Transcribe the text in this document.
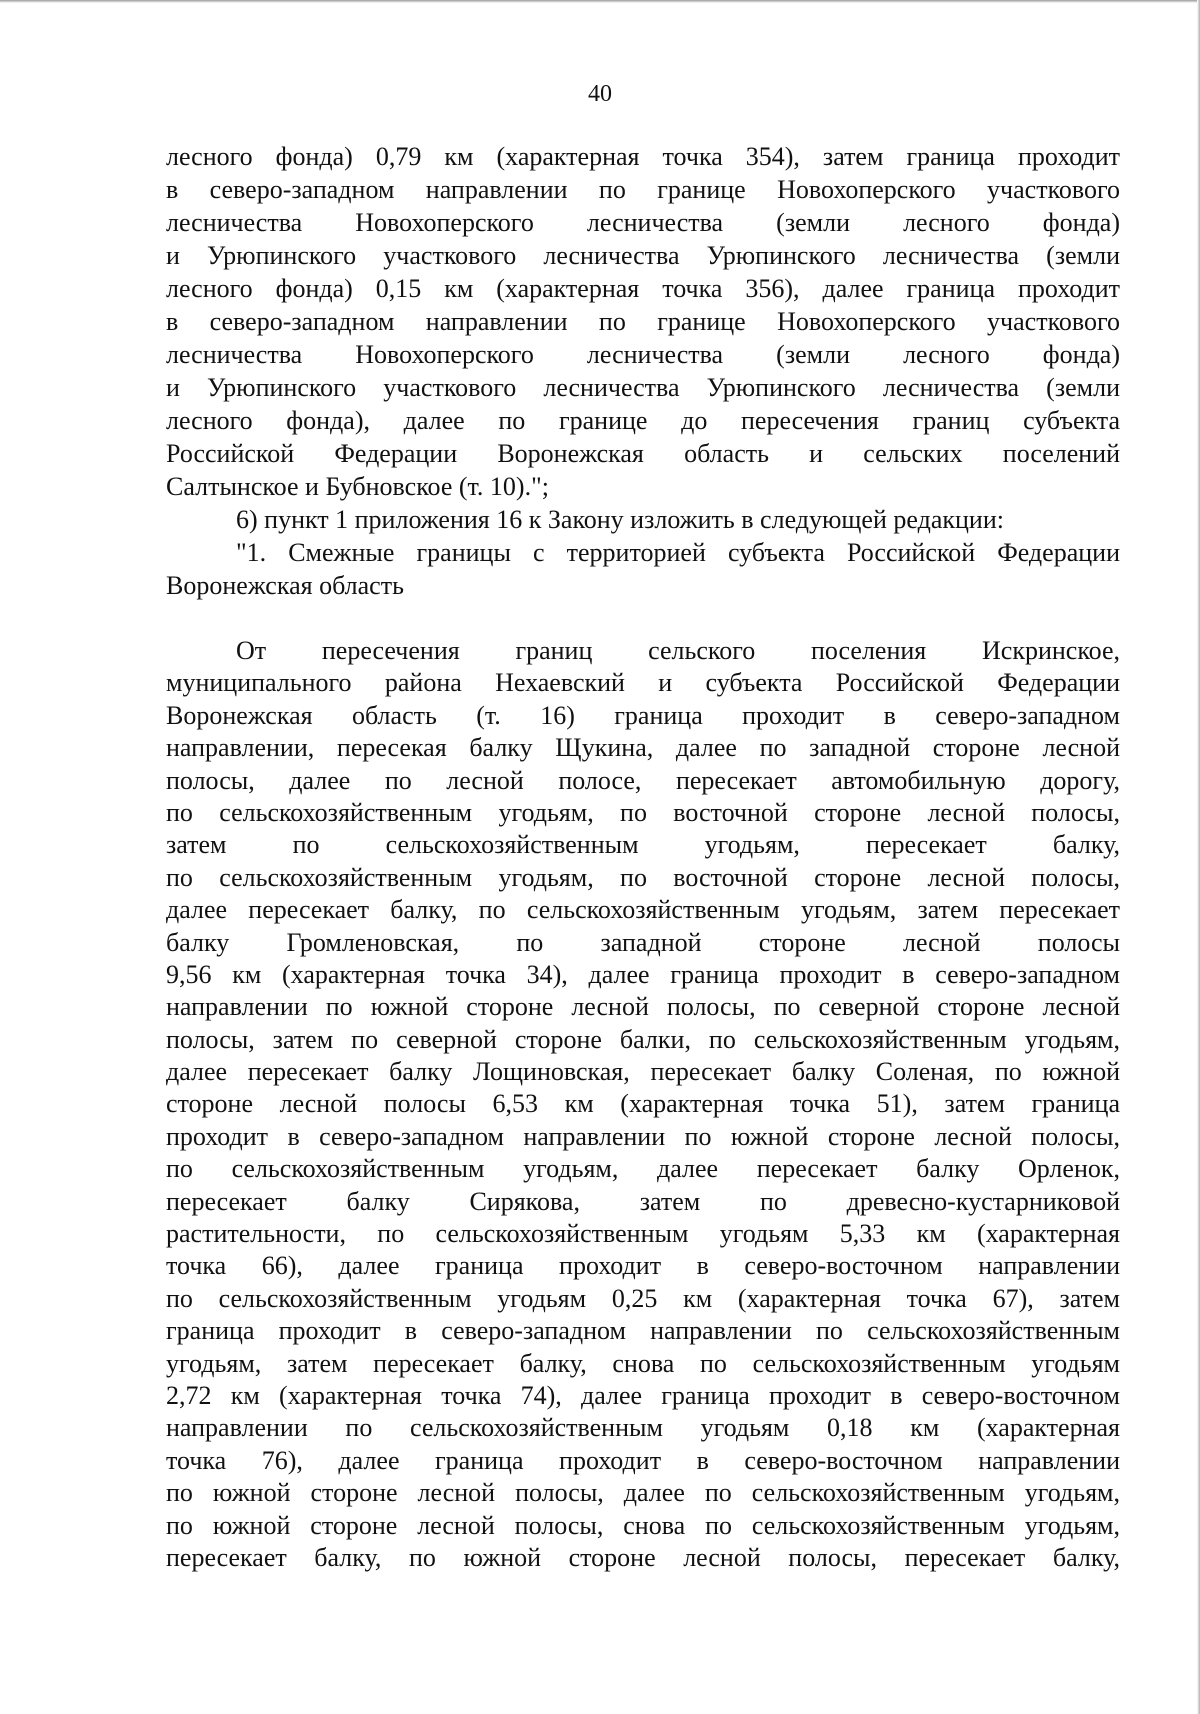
40
лесного фонда) 0,79 км (характерная точка 354), затем граница проходит
в северо-западном направлении по границе Новохоперского участкового
лесничества Новохоперского лесничества (земли лесного фонда)
и Урюпинского участкового лесничества Урюпинского лесничества (земли
лесного фонда) 0,15 км (характерная точка 356), далее граница проходит
в северо-западном направлении по границе Новохоперского участкового
лесничества Новохоперского лесничества (земли лесного фонда)
и Урюпинского участкового лесничества Урюпинского лесничества (земли
лесного фонда), далее по границе до пересечения границ субъекта
Российской Федерации Воронежская область и сельских поселений
Салтынское и Бубновское (т. 10).";
6) пункт 1 приложения 16 к Закону изложить в следующей редакции:
"1. Смежные границы с территорией субъекта Российской Федерации
Воронежская область
От пересечения границ сельского поселения Искринское,
муниципального района Нехаевский и субъекта Российской Федерации
Воронежская область (т. 16) граница проходит в северо-западном
направлении, пересекая балку Щукина, далее по западной стороне лесной
полосы, далее по лесной полосе, пересекает автомобильную дорогу,
по сельскохозяйственным угодьям, по восточной стороне лесной полосы,
затем по сельскохозяйственным угодьям, пересекает балку,
по сельскохозяйственным угодьям, по восточной стороне лесной полосы,
далее пересекает балку, по сельскохозяйственным угодьям, затем пересекает
балку Громленовская, по западной стороне лесной полосы
9,56 км (характерная точка 34), далее граница проходит в северо-западном
направлении по южной стороне лесной полосы, по северной стороне лесной
полосы, затем по северной стороне балки, по сельскохозяйственным угодьям,
далее пересекает балку Лощиновская, пересекает балку Соленая, по южной
стороне лесной полосы 6,53 км (характерная точка 51), затем граница
проходит в северо-западном направлении по южной стороне лесной полосы,
по сельскохозяйственным угодьям, далее пересекает балку Орленок,
пересекает балку Сирякова, затем по древесно-кустарниковой
растительности, по сельскохозяйственным угодьям 5,33 км (характерная
точка 66), далее граница проходит в северо-восточном направлении
по сельскохозяйственным угодьям 0,25 км (характерная точка 67), затем
граница проходит в северо-западном направлении по сельскохозяйственным
угодьям, затем пересекает балку, снова по сельскохозяйственным угодьям
2,72 км (характерная точка 74), далее граница проходит в северо-восточном
направлении по сельскохозяйственным угодьям 0,18 км (характерная
точка 76), далее граница проходит в северо-восточном направлении
по южной стороне лесной полосы, далее по сельскохозяйственным угодьям,
по южной стороне лесной полосы, снова по сельскохозяйственным угодьям,
пересекает балку, по южной стороне лесной полосы, пересекает балку,
